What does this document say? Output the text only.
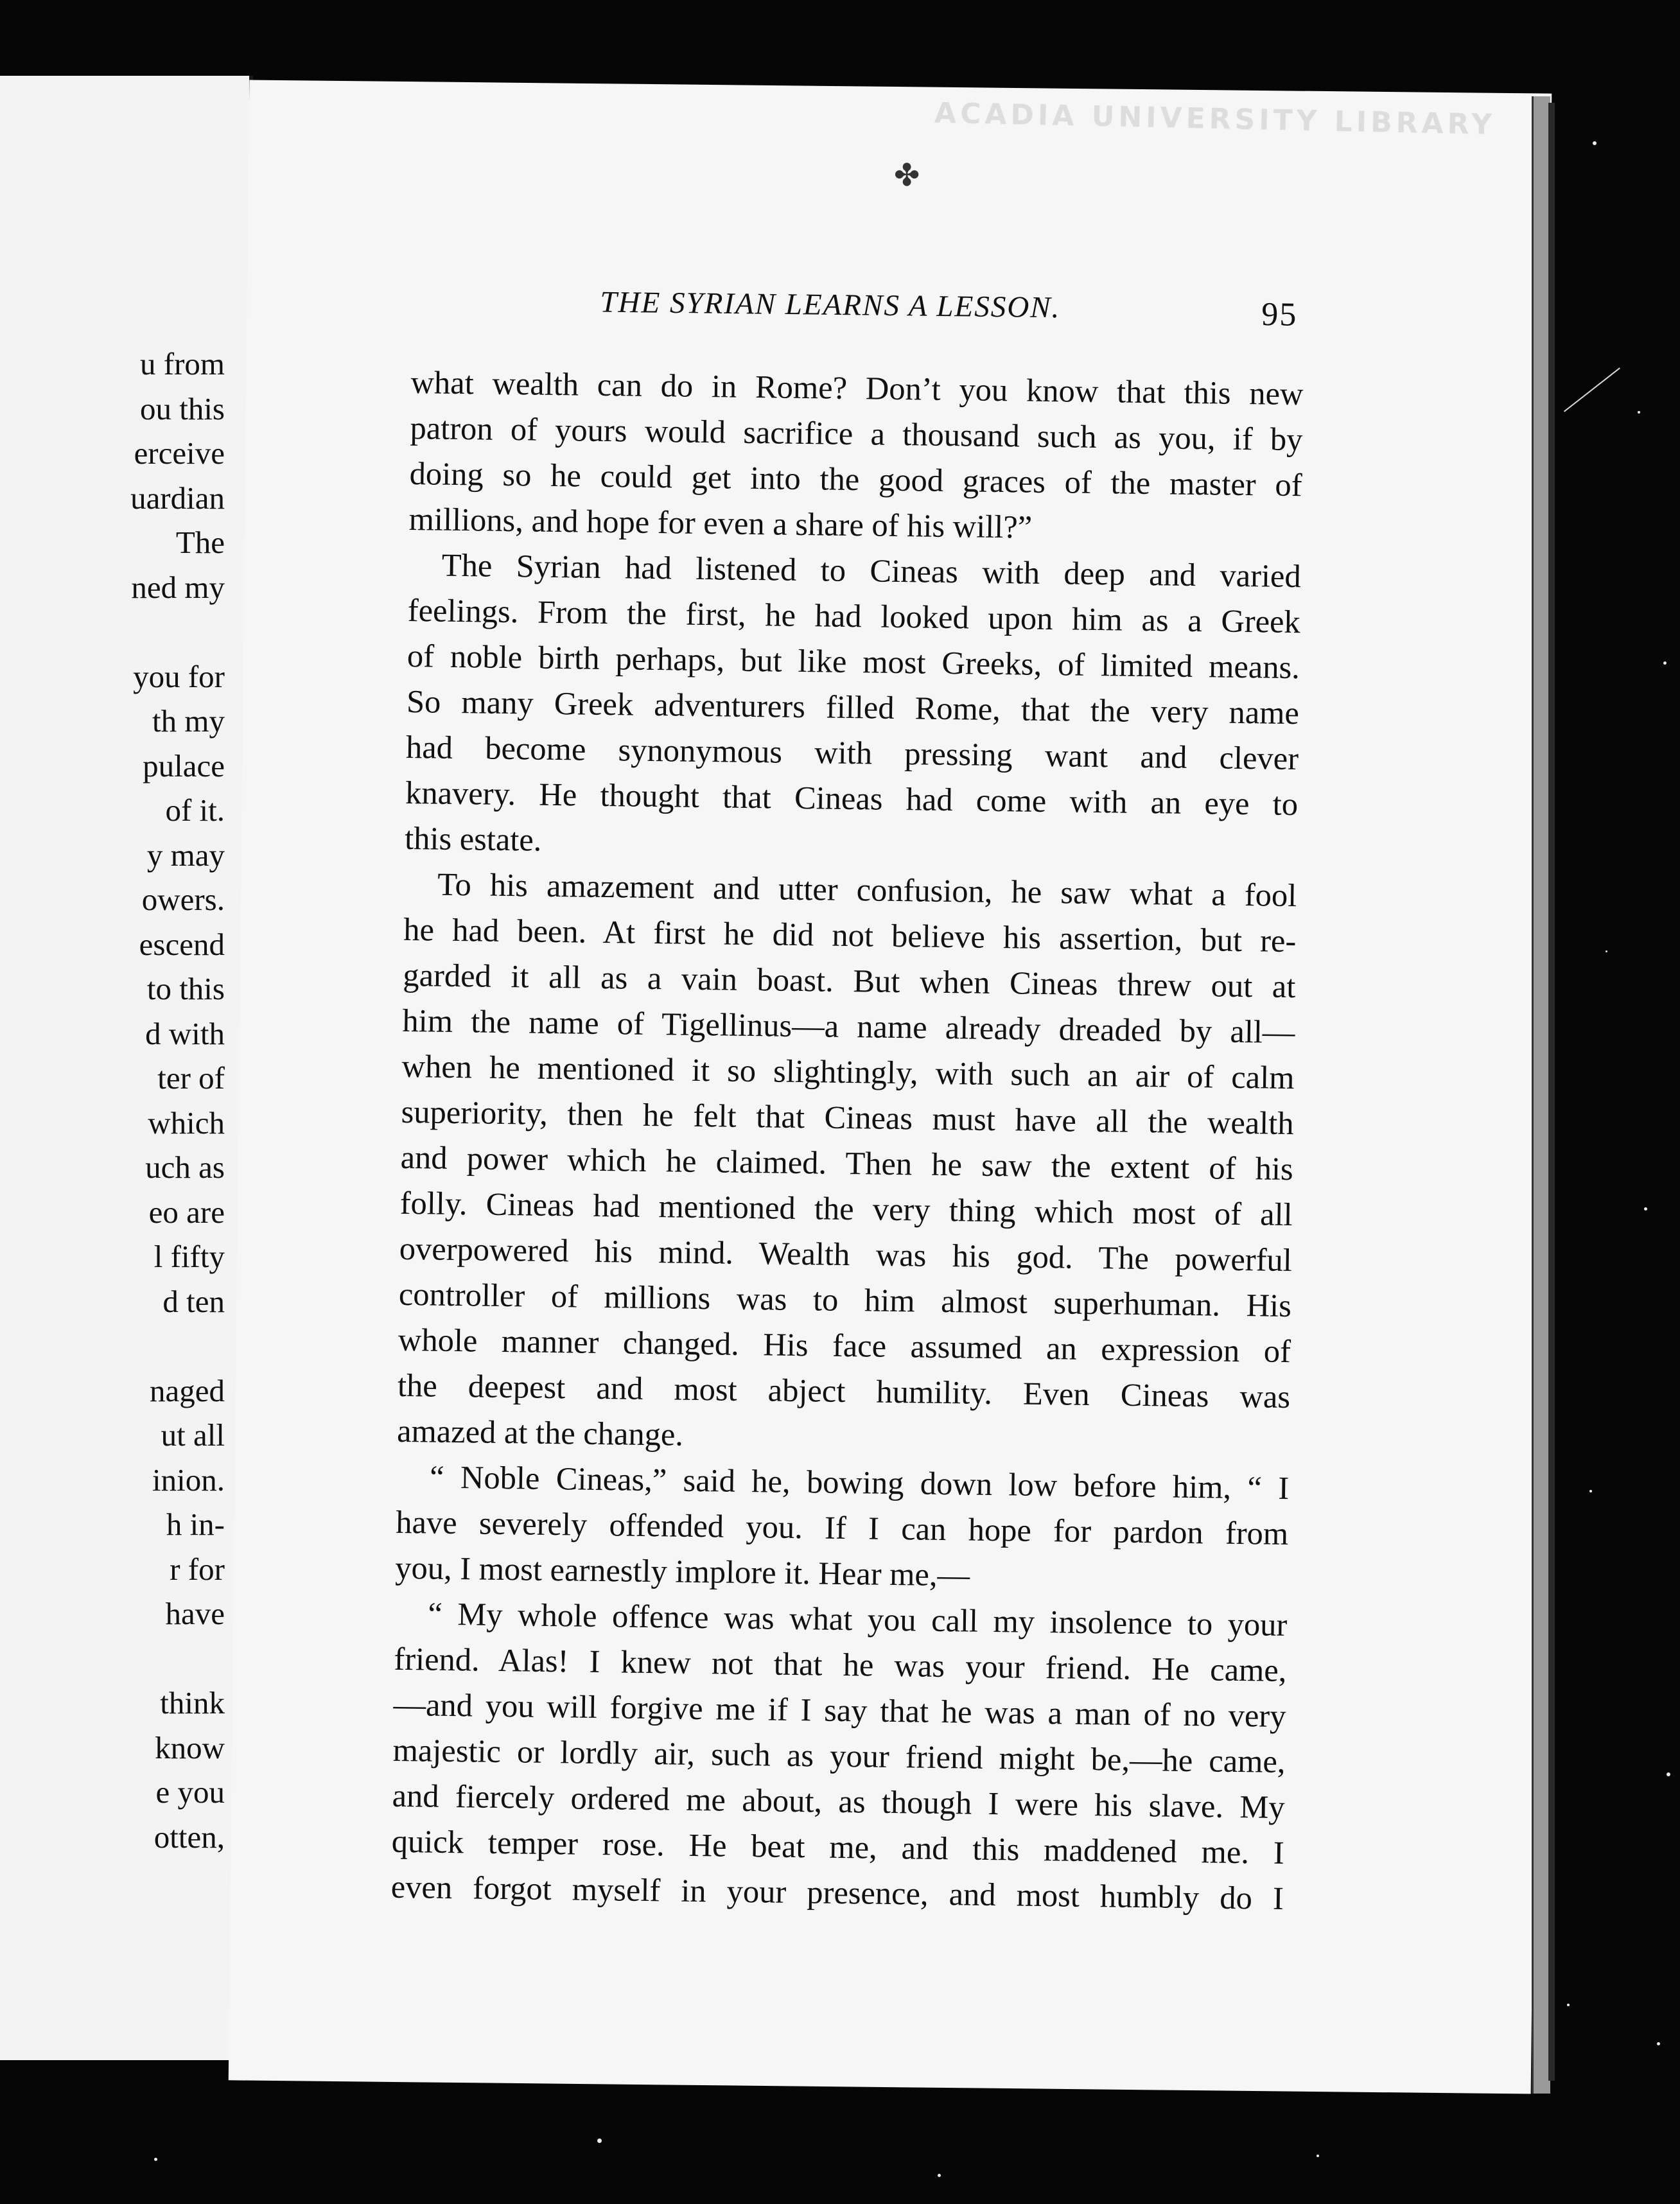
u from
ou this
erceive
uardian
The
ned my
you for
th my
pulace
of it.
y may
owers.
escend
to this
d with
ter of
which
uch as
eo are
l fifty
d ten
naged
ut all
inion.
h in-
r for
have
think
know
e you
otten,
ACADIA UNIVERSITY LIBRARY
✤
THE SYRIAN LEARNS A LESSON.	95
what wealth can do in Rome? Don’t you know that this new
patron of yours would sacrifice a thousand such as you, if by
doing so he could get into the good graces of the master of
millions, and hope for even a share of his will?”
The Syrian had listened to Cineas with deep and varied
feelings. From the first, he had looked upon him as a Greek
of noble birth perhaps, but like most Greeks, of limited means.
So many Greek adventurers filled Rome, that the very name
had become synonymous with pressing want and clever
knavery. He thought that Cineas had come with an eye to
this estate.
To his amazement and utter confusion, he saw what a fool
he had been. At first he did not believe his assertion, but re-
garded it all as a vain boast. But when Cineas threw out at
him the name of Tigellinus—a name already dreaded by all—
when he mentioned it so slightingly, with such an air of calm
superiority, then he felt that Cineas must have all the wealth
and power which he claimed. Then he saw the extent of his
folly. Cineas had mentioned the very thing which most of all
overpowered his mind. Wealth was his god. The powerful
controller of millions was to him almost superhuman. His
whole manner changed. His face assumed an expression of
the deepest and most abject humility. Even Cineas was
amazed at the change.
“ Noble Cineas,” said he, bowing down low before him, “ I
have severely offended you. If I can hope for pardon from
you, I most earnestly implore it. Hear me,—
“ My whole offence was what you call my insolence to your
friend. Alas! I knew not that he was your friend. He came,
—and you will forgive me if I say that he was a man of no very
majestic or lordly air, such as your friend might be,—he came,
and fiercely ordered me about, as though I were his slave. My
quick temper rose. He beat me, and this maddened me. I
even forgot myself in your presence, and most humbly do I
